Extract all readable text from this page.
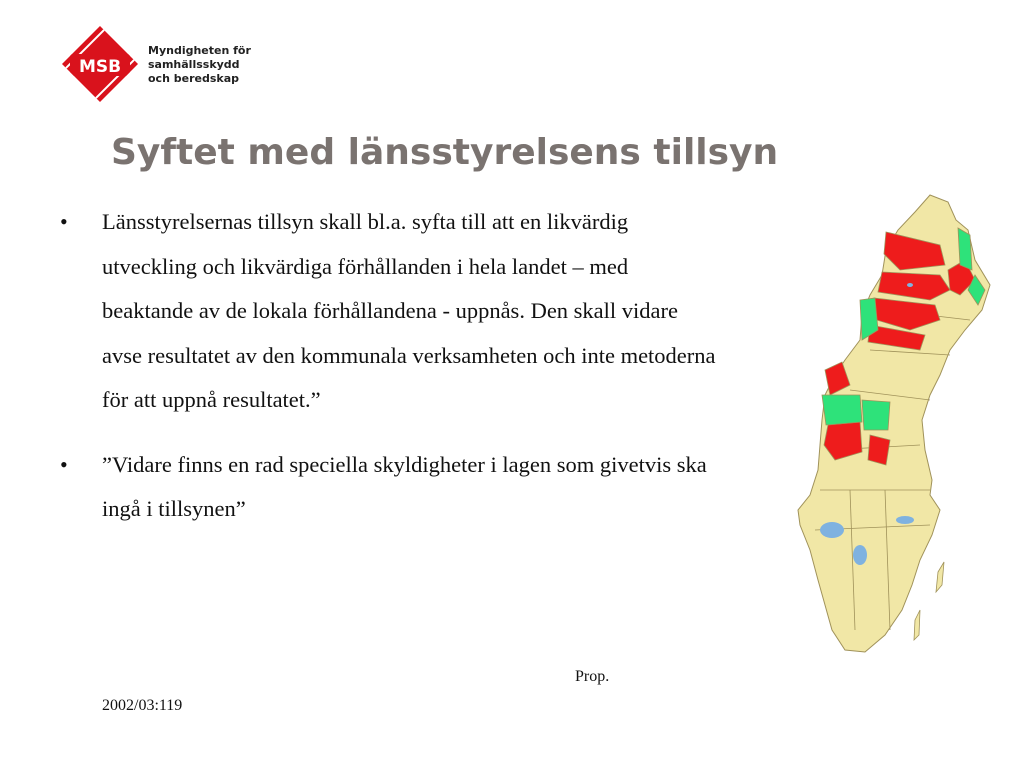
MSB
Myndigheten för
samhällsskydd
och beredskap
Syftet med länsstyrelsens tillsyn
• Länsstyrelsernas tillsyn skall bl.a. syfta till att en likvärdig utveckling och likvärdiga förhållanden i hela landet – med beaktande av de lokala förhållandena - uppnås. Den skall vidare avse resultatet av den kommunala verksamheten och inte metoderna för att uppnå resultatet.”
• ”Vidare finns en rad speciella skyldigheter i lagen som givetvis ska ingå i tillsynen”
Prop.
2002/03:119
